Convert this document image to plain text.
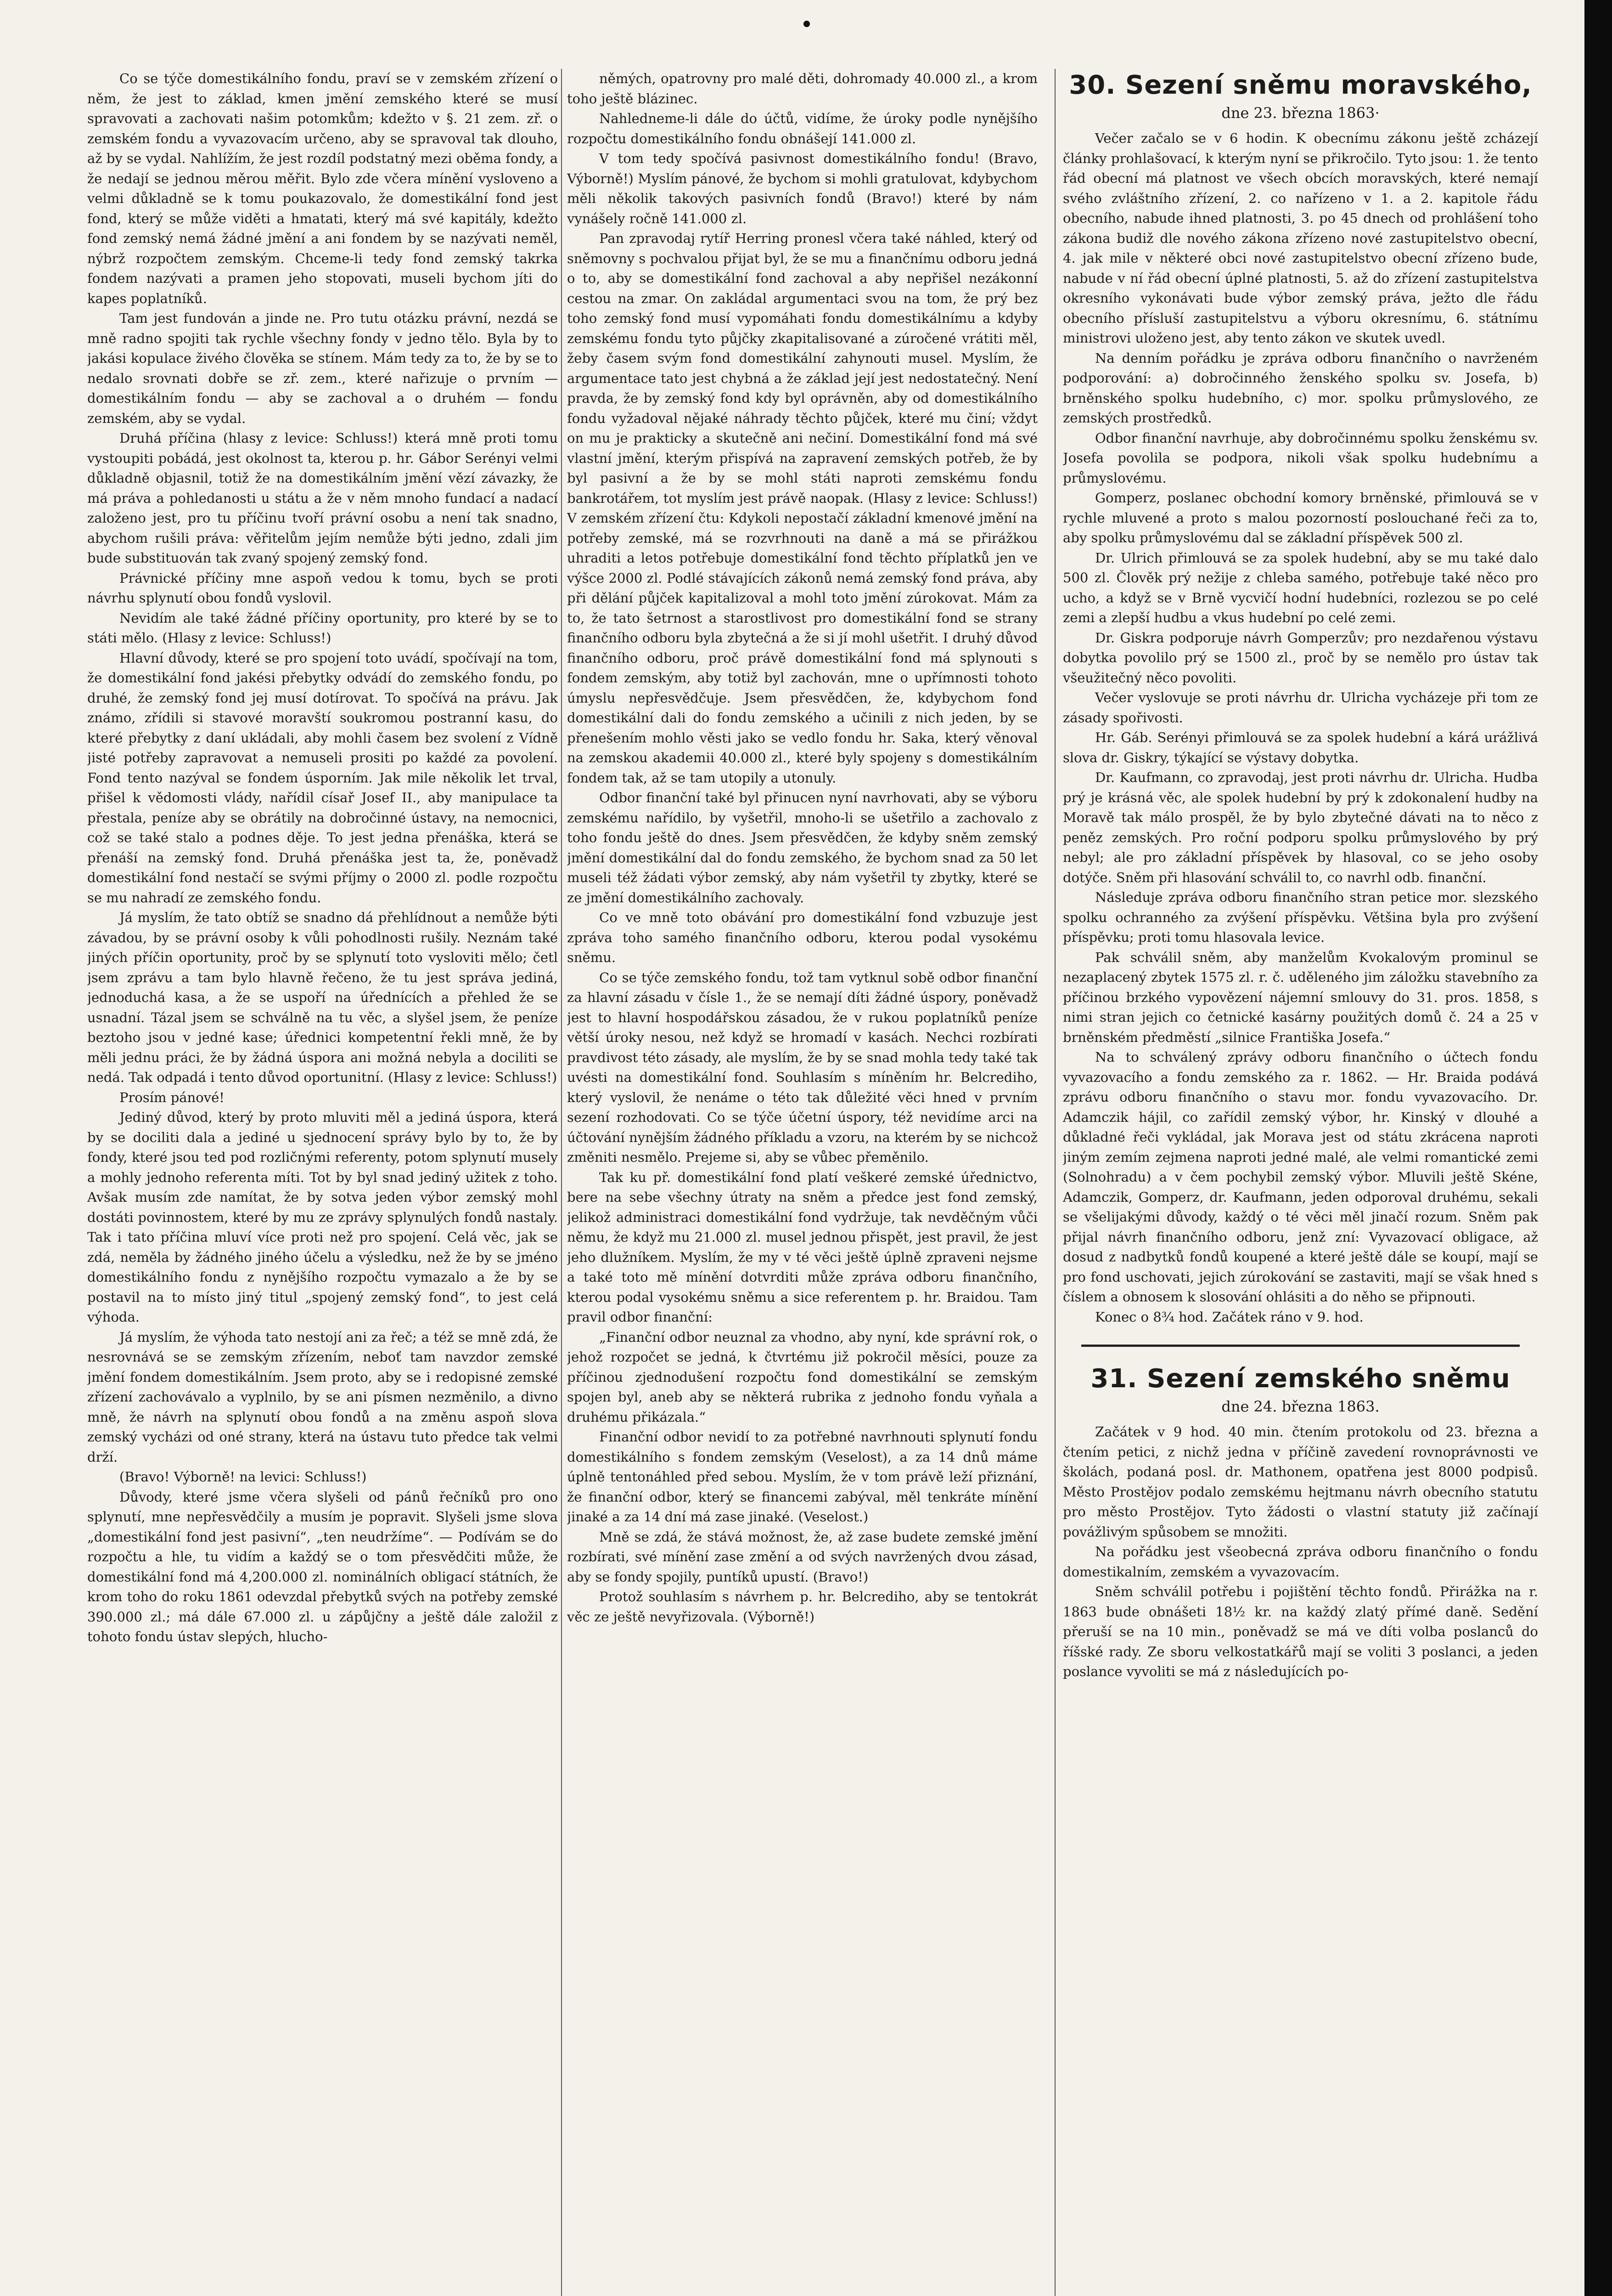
Co se týče domestikálního fondu, praví se v zemském zřízení o něm, že jest to základ, kmen jmění zemského které se musí spravovati a zachovati našim potomkům; kdežto v §. 21 zem. zř. o zemském fondu a vyvazovacím určeno, aby se spravoval tak dlouho, až by se vydal. Nahlížím, že jest rozdíl podstatný mezi oběma fondy, a že nedají se jednou měrou měřit. Bylo zde včera mínění vysloveno a velmi důkladně se k tomu poukazovalo, že domestikální fond jest fond, který se může viděti a hmatati, který má své kapitály, kdežto fond zemský nemá žádné jmění a ani fondem by se nazývati neměl, nýbrž rozpočtem zemským. Chceme-li tedy fond zemský takrka fondem nazývati a pramen jeho stopovati, museli bychom jíti do kapes poplatníků.

Tam jest fundován a jinde ne. Pro tutu otázku právní, nezdá se mně radno spojiti tak rychle všechny fondy v jedno tělo. Byla by to jakási kopulace živého člověka se stínem. Mám tedy za to, že by se to nedalo srovnati dobře se zř. zem., které nařizuje o prvním — domestikálním fondu — aby se zachoval a o druhém — fondu zemském, aby se vydal.

Druhá příčina (hlasy z levice: Schluss!) která mně proti tomu vystoupiti pobádá, jest okolnost ta, kterou p. hr. Gábor Serényi velmi důkladně objasnil, totiž že na domestikálním jmění vězí závazky, že má práva a pohledanosti u státu a že v něm mnoho fundací a nadací založeno jest, pro tu příčinu tvoří právní osobu a není tak snadno, abychom rušili práva: věřitelům jejím nemůže býti jedno, zdali jim bude substituován tak zvaný spojený zemský fond.

Právnické příčiny mne aspoň vedou k tomu, bych se proti návrhu splynutí obou fondů vyslovil.

Nevidím ale také žádné příčiny oportunity, pro které by se to státi mělo. (Hlasy z levice: Schluss!)

Hlavní důvody, které se pro spojení toto uvádí, spočívají na tom, že domestikální fond jakési přebytky odvádí do zemského fondu, po druhé, že zemský fond jej musí dotírovat. To spočívá na právu. Jak známo, zřídili si stavové moravští soukromou postranní kasu, do které přebytky z daní ukládali, aby mohli časem bez svolení z Vídně jisté potřeby zapravovat a nemuseli prositi po každé za povolení. Fond tento nazýval se fondem úsporním. Jak mile několik let trval, přišel k vědomosti vlády, nařídil císař Josef II., aby manipulace ta přestala, peníze aby se obrátily na dobročinné ústavy, na nemocnici, což se také stalo a podnes děje. To jest jedna přenáška, která se přenáší na zemský fond. Druhá přenáška jest ta, že, poněvadž domestikální fond nestačí se svými příjmy o 2000 zl. podle rozpočtu se mu nahradí ze zemského fondu.

Já myslím, že tato obtíž se snadno dá přehlídnout a nemůže býti závadou, by se právní osoby k vůli pohodlnosti rušily. Neznám také jiných příčin oportunity, proč by se splynutí toto vysloviti mělo; četl jsem zprávu a tam bylo hlavně řečeno, že tu jest správa jediná, jednoduchá kasa, a že se uspoří na úřednících a přehled že se usnadní. Tázal jsem se schválně na tu věc, a slyšel jsem, že peníze beztoho jsou v jedné kase; úřednici kompetentní řekli mně, že by měli jednu práci, že by žádná úspora ani možná nebyla a dociliti se nedá. Tak odpadá i tento důvod oportunitní. (Hlasy z levice: Schluss!)

Prosím pánové!

Jediný důvod, který by proto mluviti měl a jediná úspora, která by se dociliti dala a jediné u sjednocení správy bylo by to, že by fondy, které jsou ted pod rozličnými referenty, potom splynutí musely a mohly jednoho referenta míti. Tot by byl snad jediný užitek z toho. Avšak musím zde namítat, že by sotva jeden výbor zemský mohl dostáti povinnostem, které by mu ze zprávy splynulých fondů nastaly. Tak i tato příčina mluví více proti než pro spojení. Celá věc, jak se zdá, neměla by žádného jiného účelu a výsledku, než že by se jméno domestikálního fondu z nynějšího rozpočtu vymazalo a že by se postavil na to místo jiný titul „spojený zemský fond“, to jest celá výhoda.

Já myslím, že výhoda tato nestojí ani za řeč; a též se mně zdá, že nesrovnává se se zemským zřízením, neboť tam navzdor zemské jmění fondem domestikálním. Jsem proto, aby se i redopisné zemské zřízení zachovávalo a vyplnilo, by se ani písmen nezměnilo, a divno mně, že návrh na splynutí obou fondů a na změnu aspoň slova zemský vycházi od oné strany, která na ústavu tuto předce tak velmi drží.

(Bravo! Výborně! na levici: Schluss!)

Důvody, které jsme včera slyšeli od pánů řečníků pro ono splynutí, mne nepřesvědčily a musím je popravit. Slyšeli jsme slova „domestikální fond jest pasivní“, „ten neudržíme“. — Podívám se do rozpočtu a hle, tu vidím a každý se o tom přesvědčiti může, že domestikální fond má 4,200.000 zl. nominálních obligací státních, že krom toho do roku 1861 odevzdal přebytků svých na potřeby zemské 390.000 zl.; má dále 67.000 zl. u zápůjčny a ještě dále založil z tohoto fondu ústav slepých, hlucho-

němých, opatrovny pro malé děti, dohromady 40.000 zl., a krom toho ještě blázinec.

Nahledneme-li dále do účtů, vidíme, že úroky podle nynějšího rozpočtu domestikálního fondu obnášejí 141.000 zl.

V tom tedy spočívá pasivnost domestikálního fondu! (Bravo, Výborně!) Myslím pánové, že bychom si mohli gratulovat, kdybychom měli několik takových pasivních fondů (Bravo!) které by nám vynášely ročně 141.000 zl.

Pan zpravodaj rytíř Herring pronesl včera také náhled, který od sněmovny s pochvalou přijat byl, že se mu a finančnímu odboru jedná o to, aby se domestikální fond zachoval a aby nepřišel nezákonní cestou na zmar. On zakládal argumentaci svou na tom, že prý bez toho zemský fond musí vypomáhati fondu domestikálnímu a kdyby zemskému fondu tyto půjčky zkapitalisované a zúročené vrátiti měl, žeby časem svým fond domestikální zahynouti musel. Myslím, že argumentace tato jest chybná a že základ její jest nedostatečný. Není pravda, že by zemský fond kdy byl oprávněn, aby od domestikálního fondu vyžadoval nějaké náhrady těchto půjček, které mu činí; vždyt on mu je prakticky a skutečně ani nečiní. Domestikální fond má své vlastní jmění, kterým přispívá na zapravení zemských potřeb, že by byl pasivní a že by se mohl státi naproti zemskému fondu bankrotářem, tot myslím jest právě naopak. (Hlasy z levice: Schluss!) V zemském zřízení čtu: Kdykoli nepostačí základní kmenové jmění na potřeby zemské, má se rozvrhnouti na daně a má se přirážkou uhraditi a letos potřebuje domestikální fond těchto příplatků jen ve výšce 2000 zl. Podlé stávajících zákonů nemá zemský fond práva, aby při dělání půjček kapitalizoval a mohl toto jmění zúrokovat. Mám za to, že tato šetrnost a starostlivost pro domestikální fond se strany finančního odboru byla zbytečná a že si jí mohl ušetřit. I druhý důvod finančního odboru, proč právě domestikální fond má splynouti s fondem zemským, aby totiž byl zachován, mne o upřímnosti tohoto úmyslu nepřesvědčuje. Jsem přesvědčen, že, kdybychom fond domestikální dali do fondu zemského a učinili z nich jeden, by se přenešením mohlo věsti jako se vedlo fondu hr. Saka, který věnoval na zemskou akademii 40.000 zl., které byly spojeny s domestikálním fondem tak, až se tam utopily a utonuly.

Odbor finanční také byl přinucen nyní navrhovati, aby se výboru zemskému nařídilo, by vyšetřil, mnoho-li se ušetřilo a zachovalo z toho fondu ještě do dnes. Jsem přesvědčen, že kdyby sněm zemský jmění domestikální dal do fondu zemského, že bychom snad za 50 let museli též žádati výbor zemský, aby nám vyšetřil ty zbytky, které se ze jmění domestikálního zachovaly.

Co ve mně toto obávání pro domestikální fond vzbuzuje jest zpráva toho samého finančního odboru, kterou podal vysokému sněmu.

Co se týče zemského fondu, tož tam vytknul sobě odbor finanční za hlavní zásadu v čísle 1., že se nemají díti žádné úspory, poněvadž jest to hlavní hospodářskou zásadou, že v rukou poplatníků peníze větší úroky nesou, než když se hromadí v kasách. Nechci rozbírati pravdivost této zásady, ale myslím, že by se snad mohla tedy také tak uvésti na domestikální fond. Souhlasím s míněním hr. Belcrediho, který vyslovil, že nenáme o této tak důležité věci hned v prvním sezení rozhodovati. Co se týče účetní úspory, též nevidíme arci na účtování nynějším žádného příkladu a vzoru, na kterém by se nichcož změniti nesmělo. Prejeme si, aby se vůbec přeměnilo.

Tak ku př. domestikální fond platí veškeré zemské úřednictvo, bere na sebe všechny útraty na sněm a předce jest fond zemský, jelikož administraci domestikální fond vydržuje, tak nevděčným vůči němu, že když mu 21.000 zl. musel jednou přispět, jest pravil, že jest jeho dlužníkem. Myslím, že my v té věci ještě úplně zpraveni nejsme a také toto mě mínění dotvrditi může zpráva odboru finančního, kterou podal vysokému sněmu a sice referentem p. hr. Braidou. Tam pravil odbor finanční:

„Finanční odbor neuznal za vhodno, aby nyní, kde správní rok, o jehož rozpočet se jedná, k čtvrtému již pokročil měsíci, pouze za příčinou zjednodušení rozpočtu fond domestikální se zemským spojen byl, aneb aby se některá rubrika z jednoho fondu vyňala a druhému přikázala.“

Finanční odbor nevidí to za potřebné navrhnouti splynutí fondu domestikálního s fondem zemským (Veselost), a za 14 dnů máme úplně tentonáhled před sebou. Myslím, že v tom právě leží přiznání, že finanční odbor, který se financemi zabýval, měl tenkráte mínění jinaké a za 14 dní má zase jinaké. (Veselost.)

Mně se zdá, že stává možnost, že, až zase budete zemské jmění rozbírati, své mínění zase změní a od svých navržených dvou zásad, aby se fondy spojily, puntíků upustí. (Bravo!)

Protož souhlasím s návrhem p. hr. Belcrediho, aby se tentokrát věc ze ještě nevyřizovala. (Výborně!)

30. Sezení sněmu moravského,
dne 23. března 1863·

Večer začalo se v 6 hodin. K obecnímu zákonu ještě zcházejí články prohlašovací, k kterým nyní se přikročilo. Tyto jsou: 1. že tento řád obecní má platnost ve všech obcích moravských, které nemají svého zvláštního zřízení, 2. co nařízeno v 1. a 2. kapitole řádu obecního, nabude ihned platnosti, 3. po 45 dnech od prohlášení toho zákona budiž dle nového zákona zřízeno nové zastupitelstvo obecní, 4. jak mile v některé obci nové zastupitelstvo obecní zřízeno bude, nabude v ní řád obecní úplné platnosti, 5. až do zřízení zastupitelstva okresního vykonávati bude výbor zemský práva, ježto dle řádu obecního přísluší zastupitelstvu a výboru okresnímu, 6. státnímu ministrovi uloženo jest, aby tento zákon ve skutek uvedl.

Na denním pořádku je zpráva odboru finančního o navrženém podporování: a) dobročinného ženského spolku sv. Josefa, b) brněnského spolku hudebního, c) mor. spolku průmyslového, ze zemských prostředků.

Odbor finanční navrhuje, aby dobročinnému spolku ženskému sv. Josefa povolila se podpora, nikoli však spolku hudebnímu a průmyslovému.

Gomperz, poslanec obchodní komory brněnské, přimlouvá se v rychle mluvené a proto s malou pozorností poslouchané řeči za to, aby spolku průmyslovému dal se základní příspěvek 500 zl.

Dr. Ulrich přimlouvá se za spolek hudební, aby se mu také dalo 500 zl. Člověk prý nežije z chleba samého, potřebuje také něco pro ucho, a když se v Brně vycvičí hodní hudebníci, rozlezou se po celé zemi a zlepší hudbu a vkus hudební po celé zemi.

Dr. Giskra podporuje návrh Gomperzův; pro nezdařenou výstavu dobytka povolilo prý se 1500 zl., proč by se nemělo pro ústav tak všeužitečný něco povoliti.

Večer vyslovuje se proti návrhu dr. Ulricha vycházeje při tom ze zásady spořivosti.

Hr. Gáb. Serényi přimlouvá se za spolek hudební a kárá urážlivá slova dr. Giskry, týkající se výstavy dobytka.

Dr. Kaufmann, co zpravodaj, jest proti návrhu dr. Ulricha. Hudba prý je krásná věc, ale spolek hudební by prý k zdokonalení hudby na Moravě tak málo prospěl, že by bylo zbytečné dávati na to něco z peněz zemských. Pro roční podporu spolku průmyslového by prý nebyl; ale pro základní příspěvek by hlasoval, co se jeho osoby dotýče. Sněm při hlasování schválil to, co navrhl odb. finanční.

Následuje zpráva odboru finančního stran petice mor. slezského spolku ochranného za zvýšení příspěvku. Většina byla pro zvýšení příspěvku; proti tomu hlasovala levice.

Pak schválil sněm, aby manželům Kvokalovým prominul se nezaplacený zbytek 1575 zl. r. č. uděleného jim záložku stavebního za příčinou brzkého vypovězení nájemní smlouvy do 31. pros. 1858, s nimi stran jejich co četnické kasárny použitých domů č. 24 a 25 v brněnském předměstí „silnice Františka Josefa.“

Na to schválený zprávy odboru finančního o účtech fondu vyvazovacího a fondu zemského za r. 1862. — Hr. Braida podává zprávu odboru finančního o stavu mor. fondu vyvazovacího. Dr. Adamczik hájil, co zařídil zemský výbor, hr. Kinský v dlouhé a důkladné řeči vykládal, jak Morava jest od státu zkrácena naproti jiným zemím zejmena naproti jedné malé, ale velmi romantické zemi (Solnohradu) a v čem pochybil zemský výbor. Mluvili ještě Skéne, Adamczik, Gomperz, dr. Kaufmann, jeden odporoval druhému, sekali se všelijakými důvody, každý o té věci měl jinačí rozum. Sněm pak přijal návrh finančního odboru, jenž zní: Vyvazovací obligace, až dosud z nadbytků fondů koupené a které ještě dále se koupí, mají se pro fond uschovati, jejich zúrokování se zastaviti, mají se však hned s číslem a obnosem k slosování ohlásiti a do něho se připnouti.

Konec o 8¾ hod. Začátek ráno v 9. hod.

31. Sezení zemského sněmu
dne 24. března 1863.

Začátek v 9 hod. 40 min. čtením protokolu od 23. března a čtením petici, z nichž jedna v příčině zavedení rovnoprávnosti ve školách, podaná posl. dr. Mathonem, opatřena jest 8000 podpisů. Město Prostějov podalo zemskému hejtmanu návrh obecního statutu pro město Prostějov. Tyto žádosti o vlastní statuty již začínají povážlivým spůsobem se množiti.

Na pořádku jest všeobecná zpráva odboru finančního o fondu domestikalním, zemském a vyvazovacím.

Sněm schválil potřebu i pojištění těchto fondů. Přirážka na r. 1863 bude obnášeti 18½ kr. na každý zlatý přímé daně. Sedění přeruší se na 10 min., poněvadž se má ve díti volba poslanců do říšské rady. Ze sboru velkostatkářů mají se voliti 3 poslanci, a jeden poslance vyvoliti se má z následujících po-
